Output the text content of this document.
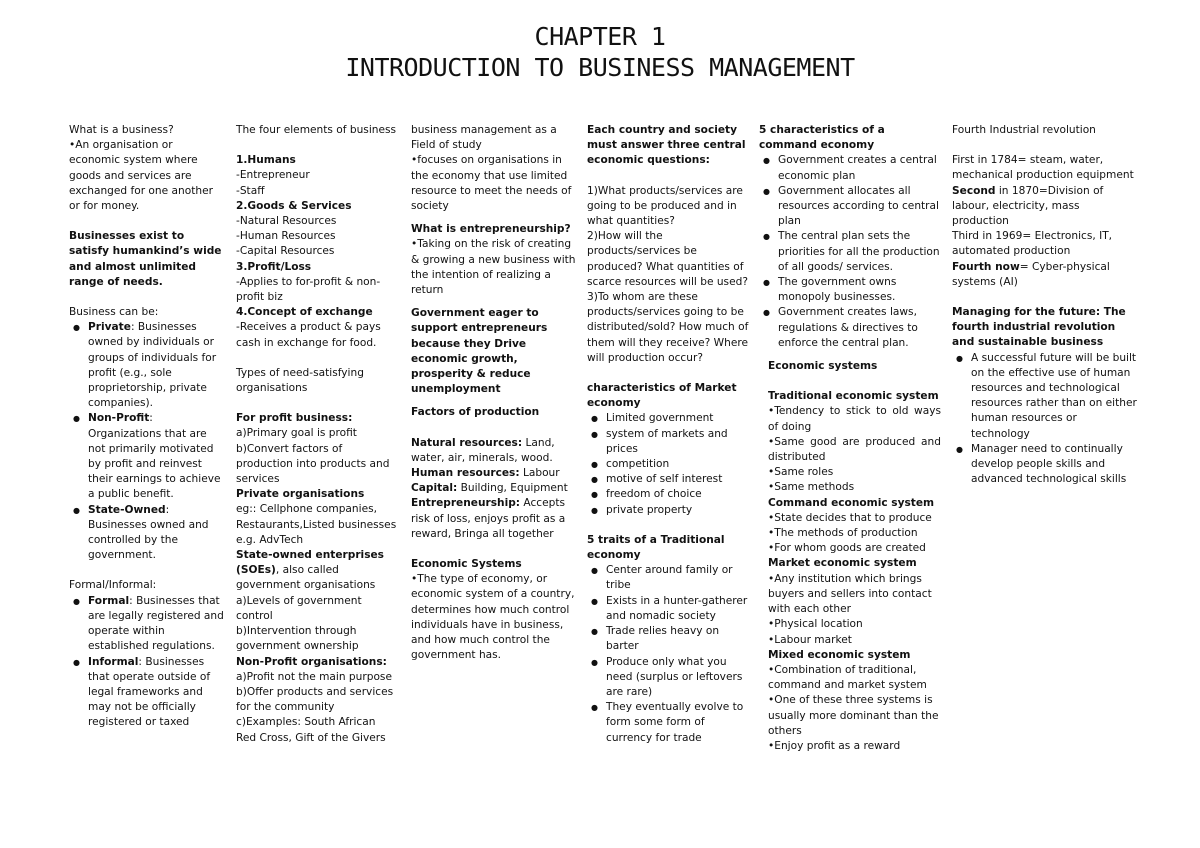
CHAPTER 1
INTRODUCTION TO BUSINESS MANAGEMENT

What is a business?

•An organisation or economic system where goods and services are exchanged for one another or for money.

Businesses exist to satisfy humankind’s wide and almost unlimited range of needs.

Business can be:

● Private: Businesses owned by individuals or groups of individuals for profit (e.g., sole proprietorship, private companies).
● Non-Profit: Organizations that are not primarily motivated by profit and reinvest their earnings to achieve a public benefit.
● State-Owned: Businesses owned and controlled by the government.

Formal/Informal:

● Formal: Businesses that are legally registered and operate within established regulations.
● Informal: Businesses that operate outside of legal frameworks and may not be officially registered or taxed

The four elements of business

1.Humans

-Entrepreneur

-Staff

2.Goods & Services

-Natural Resources

-Human Resources

-Capital Resources

3.Profit/Loss

-Applies to for-profit & non-profit biz

4.Concept of exchange

-Receives a product & pays cash in exchange for food.

Types of need-satisfying organisations

For profit business:

a)Primary goal is profit

b)Convert factors of production into products and services

Private organisations

eg:: Cellphone companies, Restaurants,Listed businesses e.g. AdvTech

State-owned enterprises (SOEs), also called government organisations

a)Levels of government control

b)Intervention through government ownership

Non-Profit organisations:

a)Profit not the main purpose

b)Offer products and services for the community

c)Examples: South African Red Cross, Gift of the Givers

business management as a Field of study

•focuses on organisations in the economy that use limited resource to meet the needs of society

What is entrepreneurship?

•Taking on the risk of creating & growing a new business with the intention of realizing a return

Government eager to support entrepreneurs because they Drive economic growth, prosperity & reduce unemployment

Factors of production

Natural resources: Land, water, air, minerals, wood.

Human resources: Labour

Capital: Building, Equipment

Entrepreneurship: Accepts risk of loss, enjoys profit as a reward, Bringa all together

Economic Systems

•The type of economy, or economic system of a country, determines how much control individuals have in business, and how much control the government has.

Each country and society must answer three central economic questions:

1)What products/services are going to be produced and in what quantities?

2)How will the products/services be produced? What quantities of scarce resources will be used?

3)To whom are these products/services going to be distributed/sold? How much of them will they receive? Where will production occur?

characteristics of Market economy

● Limited government
● system of markets and prices
● competition
● motive of self interest
● freedom of choice
● private property

5 traits of a Traditional economy

● Center around family or tribe
● Exists in a hunter-gatherer and nomadic society
● Trade relies heavy on barter
● Produce only what you need (surplus or leftovers are rare)
● They eventually evolve to form some form of currency for trade

5 characteristics of a command economy

● Government creates a central economic plan
● Government allocates all resources according to central plan
● The central plan sets the priorities for all the production of all goods/ services.
● The government owns monopoly businesses.
● Government creates laws, regulations & directives to enforce the central plan.

Economic systems

Traditional economic system

•Tendency to stick to old ways of doing

•Same good are produced and distributed

•Same roles

•Same methods

Command economic system

•State decides that to produce

•The methods of production

•For whom goods are created

Market economic system

•Any institution which brings buyers and sellers into contact with each other

•Physical location

•Labour market

Mixed economic system

•Combination of traditional, command and market system

•One of these three systems is usually more dominant than the others

•Enjoy profit as a reward

Fourth Industrial revolution

First in 1784= steam, water, mechanical production equipment

Second in 1870=Division of labour, electricity, mass production

Third in 1969= Electronics, IT, automated production

Fourth now= Cyber-physical systems (AI)

Managing for the future: The fourth industrial revolution and sustainable business

● A successful future will be built on the effective use of human resources and technological resources rather than on either human resources or technology
● Manager need to continually develop people skills and advanced technological skills
